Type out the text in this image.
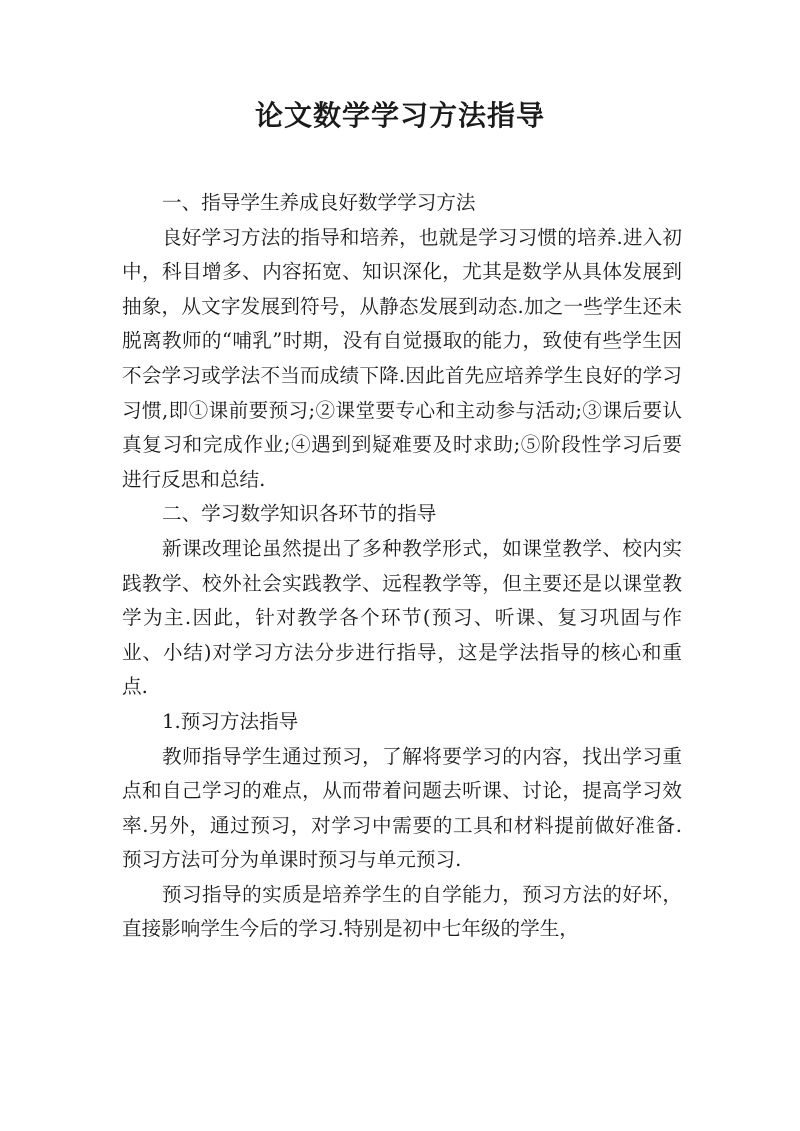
论文数学学习方法指导

一、指导学生养成良好数学学习方法

良好学习方法的指导和培养，也就是学习习惯的培养.进入初中，科目增多、内容拓宽、知识深化，尤其是数学从具体发展到抽象，从文字发展到符号，从静态发展到动态.加之一些学生还未脱离教师的“哺乳”时期，没有自觉摄取的能力，致使有些学生因不会学习或学法不当而成绩下降.因此首先应培养学生良好的学习习惯,即①课前要预习;②课堂要专心和主动参与活动;③课后要认真复习和完成作业;④遇到到疑难要及时求助;⑤阶段性学习后要进行反思和总结.

二、学习数学知识各环节的指导

新课改理论虽然提出了多种教学形式，如课堂教学、校内实践教学、校外社会实践教学、远程教学等，但主要还是以课堂教学为主.因此，针对教学各个环节(预习、听课、复习巩固与作业、小结)对学习方法分步进行指导，这是学法指导的核心和重点.

1.预习方法指导

教师指导学生通过预习，了解将要学习的内容，找出学习重点和自己学习的难点，从而带着问题去听课、讨论，提高学习效率.另外，通过预习，对学习中需要的工具和材料提前做好准备.预习方法可分为单课时预习与单元预习.

预习指导的实质是培养学生的自学能力，预习方法的好坏，直接影响学生今后的学习.特别是初中七年级的学生，
